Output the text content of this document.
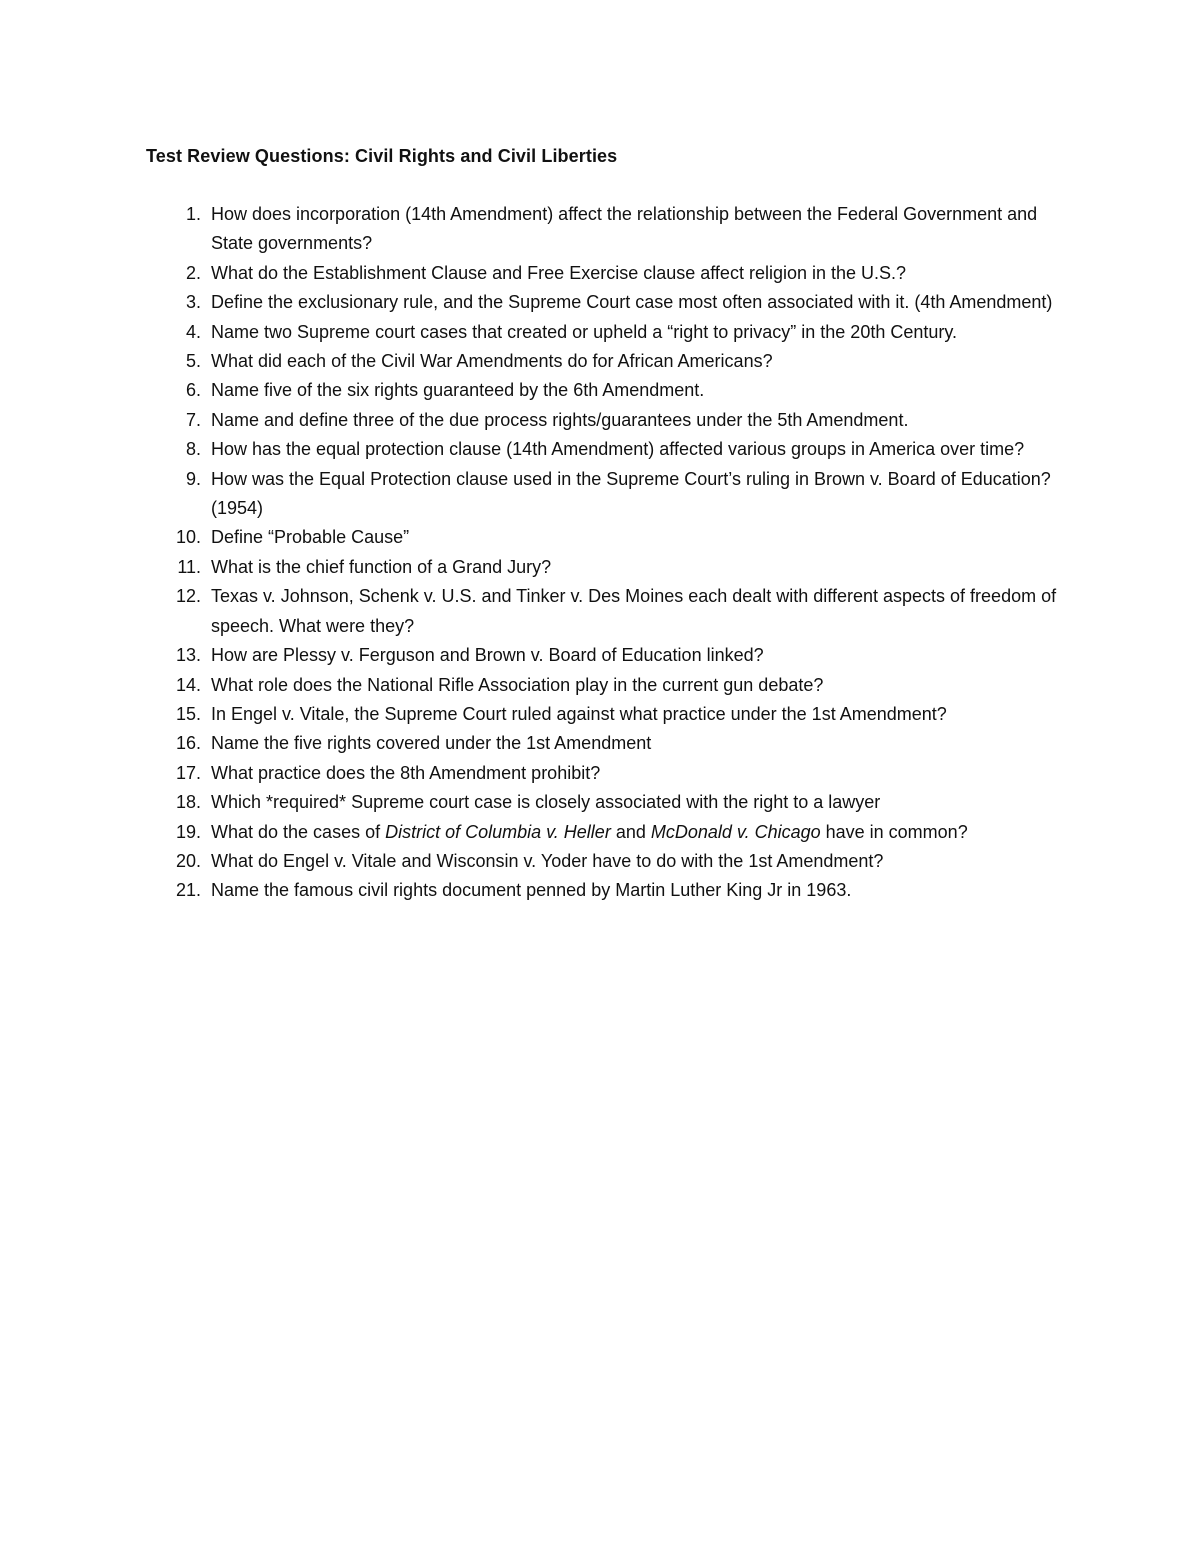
Test Review Questions: Civil Rights and Civil Liberties
1. How does incorporation (14th Amendment) affect the relationship between the Federal Government and State governments?
2. What do the Establishment Clause and Free Exercise clause affect religion in the U.S.?
3. Define the exclusionary rule, and the Supreme Court case most often associated with it. (4th Amendment)
4. Name two Supreme court cases that created or upheld a “right to privacy” in the 20th Century.
5. What did each of the Civil War Amendments do for African Americans?
6. Name five of the six rights guaranteed by the 6th Amendment.
7. Name and define three of the due process rights/guarantees under the 5th Amendment.
8. How has the equal protection clause (14th Amendment) affected various groups in America over time?
9. How was the Equal Protection clause used in the Supreme Court’s ruling in Brown v. Board of Education? (1954)
10. Define “Probable Cause”
11. What is the chief function of a Grand Jury?
12. Texas v. Johnson, Schenk v. U.S. and Tinker v. Des Moines each dealt with different aspects of freedom of speech. What were they?
13. How are Plessy v. Ferguson and Brown v. Board of Education linked?
14. What role does the National Rifle Association play in the current gun debate?
15. In Engel v. Vitale, the Supreme Court ruled against what practice under the 1st Amendment?
16. Name the five rights covered under the 1st Amendment
17. What practice does the 8th Amendment prohibit?
18. Which *required* Supreme court case is closely associated with the right to a lawyer
19. What do the cases of District of Columbia v. Heller and McDonald v. Chicago have in common?
20. What do Engel v. Vitale and Wisconsin v. Yoder have to do with the 1st Amendment?
21. Name the famous civil rights document penned by Martin Luther King Jr in 1963.
